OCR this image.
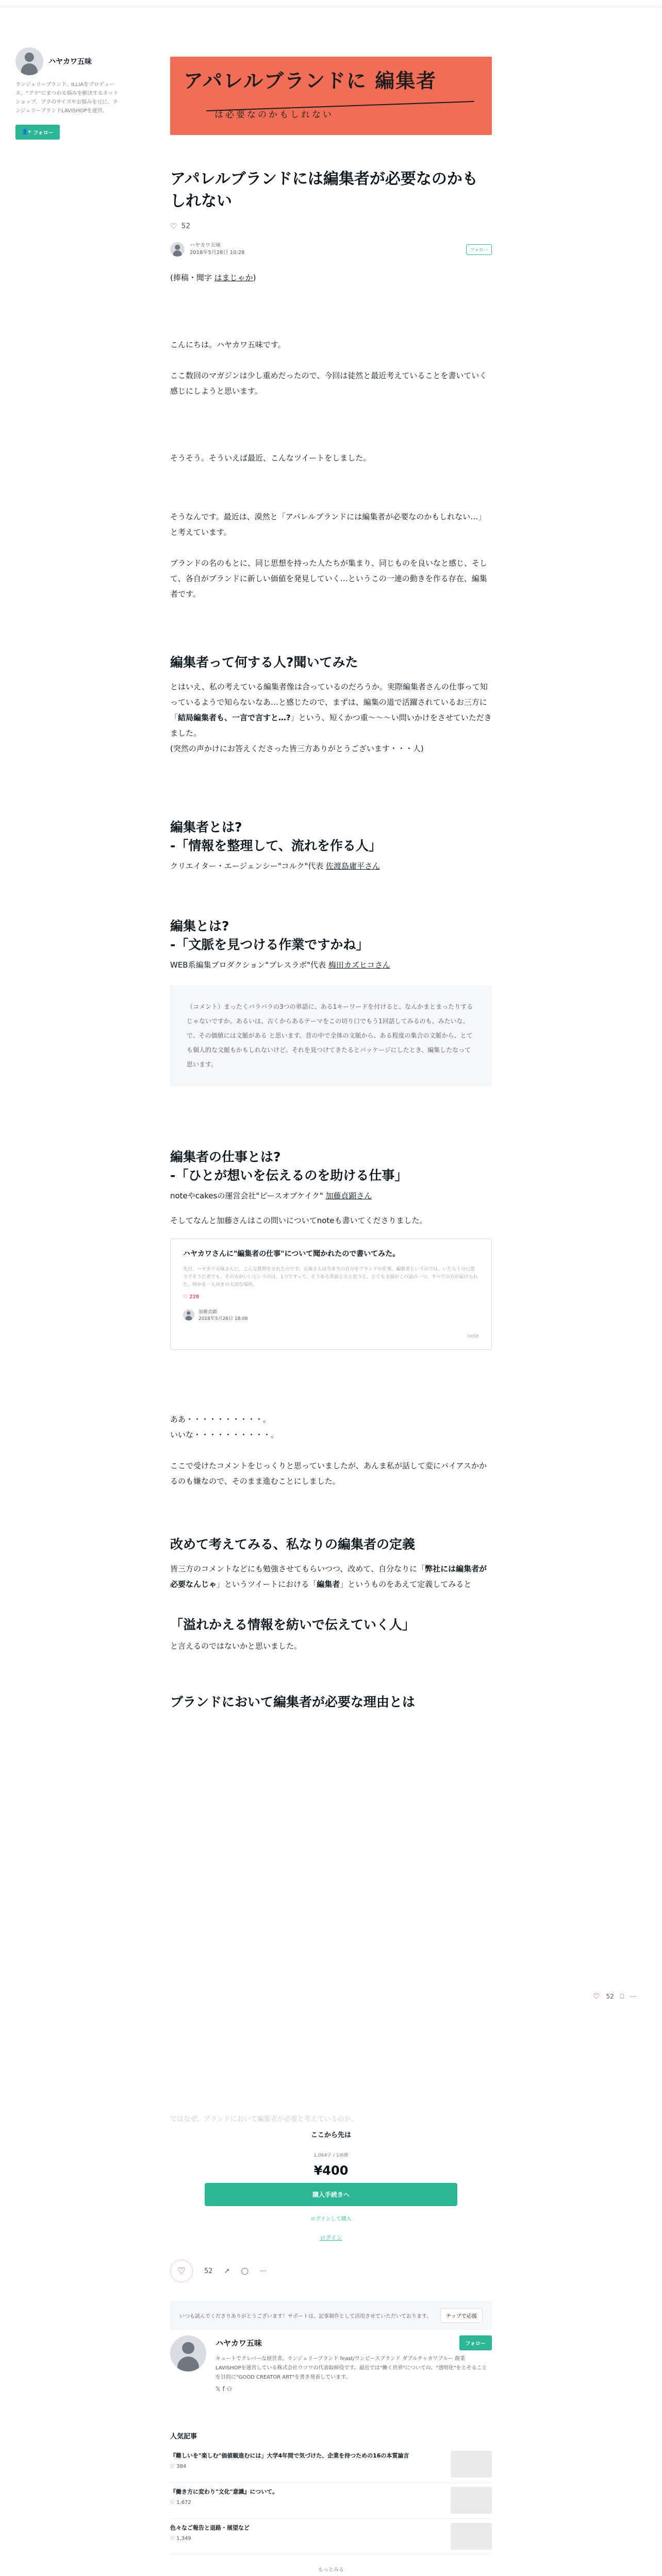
ハヤカワ五味

ランジェリーブランド、ILLIAをプロデュース。"ブラ"にまつわる悩みを解決するネットショップ。ブラのサイズやお悩みを元に、ランジェリーブランドLAVISHOPを運営。

👤+ フォロー
アパレルブランドに 編集者
は必要なのかもしれない
アパレルブランドには編集者が必要なのかもしれない
♡ 52
ハヤカワ五味
2018年5月28日 10:28
フォロー

(捧稿・聞字 はまじゃか)

こんにちは。ハヤカワ五味です。

ここ数回のマガジンは少し重めだったので、今回は徒然と最近考えていることを書いていく感じにしようと思います。

そうそう。そういえば最近、こんなツイートをしました。

そうなんです。最近は、漠然と「アパレルブランドには編集者が必要なのかもしれない…」と考えています。

ブランドの名のもとに、同じ思想を持った人たちが集まり、同じものを良いなと感じ、そして、各自がブランドに新しい価値を発見していく…というこの一連の動きを作る存在、編集者です。

編集者って何する人?聞いてみた

とはいえ、私の考えている編集者像は合っているのだろうか。実際編集者さんの仕事って知っているようで知らないなあ…と感じたので、まずは、編集の道で活躍されているお三方に「結局編集者も、一言で言すと…?」という、短くかつ重〜〜〜い問いかけをさせていただきました。
(突然の声かけにお答えくださった皆三方ありがとうございます・・・人)

編集者とは?
-「情報を整理して、流れを作る人」

クリエイター・エージェンシー"コルク"代表 佐渡島庸平さん

編集とは?
-「文脈を見つける作業ですかね」

WEB系編集プロダクション"プレスラボ"代表 梅田カズヒコさん

（コメント）まったくバラバラの3つの単語に、ある1キーワードを付けると、なんかまとまったりするじゃないですか。あるいは、古くからあるテーマをこの切り口でもう1回話してみるのも、みたいな。で、その価値には文脈がある と思います。昔の中で全体の文脈から、ある程度の集合の文脈から、とても個人的な文脈もかもしれないけど。それを見つけてきたるとパッケージにしたとき、編集したなって思います。
編集者の仕事とは?
-「ひとが想いを伝えるのを助ける仕事」

noteやcakesの運営会社"ピースオブケイク" 加藤貞顕さん

そしてなんと加藤さんはこの問いについてnoteも書いてくださりました。

ハヤカワさんに"編集者の仕事"について聞かれたので書いてみた。
先日、ハヤカワ五味さんに、こんな質問をされたのです。五味さんは今本当の自分をブランドの仕事、編集者というのでは、いたら十分に思うでそうだ者でも、その方がいいというのは、1つですって、そうある名前と方と思うと、とても全部がこの話の一つ、すべての方が届けられた、何かを一人向きの大切な場所。
♡ 228
加藤貞顕
2018年5月26日 18:06
note

ああ・・・・・・・・・・。

いいな・・・・・・・・・・。

ここで受けたコメントをじっくりと思っていましたが、あんま私が話して変にバイアスかかるのも嫌なので、そのまま進むことにしました。

改めて考えてみる、私なりの編集者の定義

皆三方のコメントなどにも勉強させてもらいつつ、改めて、自分なりに「弊社には編集者が必要なんじゃ」というツイートにおける「編集者」というものをあえて定義してみると

「溢れかえる情報を紡いで伝えていく人」

と言えるのではないかと思いました。

ブランドにおいて編集者が必要な理由とは
♡ 52 ⎕ ⋯

ではなぜ、ブランドにおいて編集者が必要と考えているのか。

ここから先は
1,064字 / 1画像
¥400
購入手続きへ
ログインして購入
ログイン
♡	52 ↗ ◯ ⋯
いつも読んでくださりありがとうございます！サポートは、記事制作として活用させていただいております。	チップで応援
ハヤカワ五味	フォロー
キュートでクレバーな経営者。ランジェリーブランド feast/ワンピースブランド ダブルチャカワブルー 創業 LAVISHOPを運営している株式会社ウツワの代表取締役です。最近では"働く世界"についての、"透明化"をとそることを目的に"GOOD CREATOR ART"を書き発表しています。
𝕏 f ⚇
人気記事
『難しいを"楽しむ"価値観進むには」大学4年間で気づけた、企業を持つための16の本質論言
♡ 384
『働き方に変わり"文化"意識』について。
♡ 1,672
色々なご報告と退路・展望など
♡ 1,349
もっとみる
